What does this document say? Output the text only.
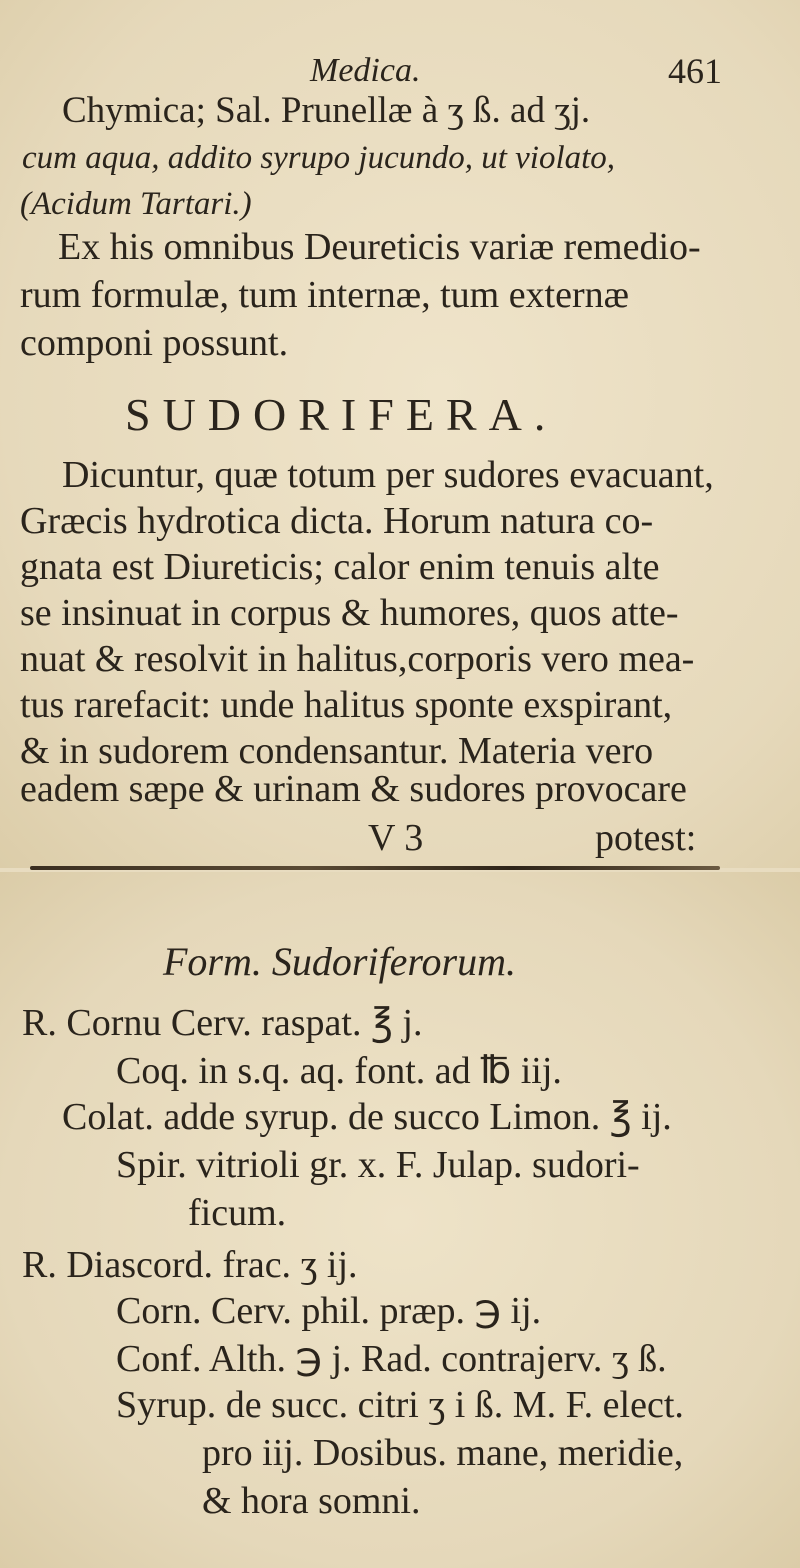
Medica.	461
Chymica; Sal. Prunellæ à ʒ ß. ad ʒj.
cum aqua, addito syrupo jucundo, ut violato,
(Acidum Tartari.)
Ex his omnibus Deureticis variæ remedio-
rum formulæ, tum internæ, tum externæ
componi possunt.
SUDORIFERA.
Dicuntur, quæ totum per sudores evacuant,
Græcis hydrotica dicta. Horum natura co-
gnata est Diureticis; calor enim tenuis alte
se insinuat in corpus & humores, quos atte-
nuat & resolvit in halitus,corporis vero mea-
tus rarefacit: unde halitus sponte exspirant,
& in sudorem condensantur. Materia vero
V 3	potest:
Form. Sudoriferorum.
R. Cornu Cerv. raspat. ℥ j.
Coq. in s.q. aq. font. ad ℔ iij.
Colat. adde syrup. de succo Limon. ℥ ij.
Spir. vitrioli gr. x. F. Julap. sudori-
ficum.
R. Diascord. frac. ʒ ij.
Corn. Cerv. phil. præp. ℈ ij.
Conf. Alth. ℈ j. Rad. contrajerv. ʒ ß.
Syrup. de succ. citri ʒ i ß. M. F. elect.
pro iij. Dosibus. mane, meridie,
& hora somni.
eadem sæpe & urinam & sudores provocare
